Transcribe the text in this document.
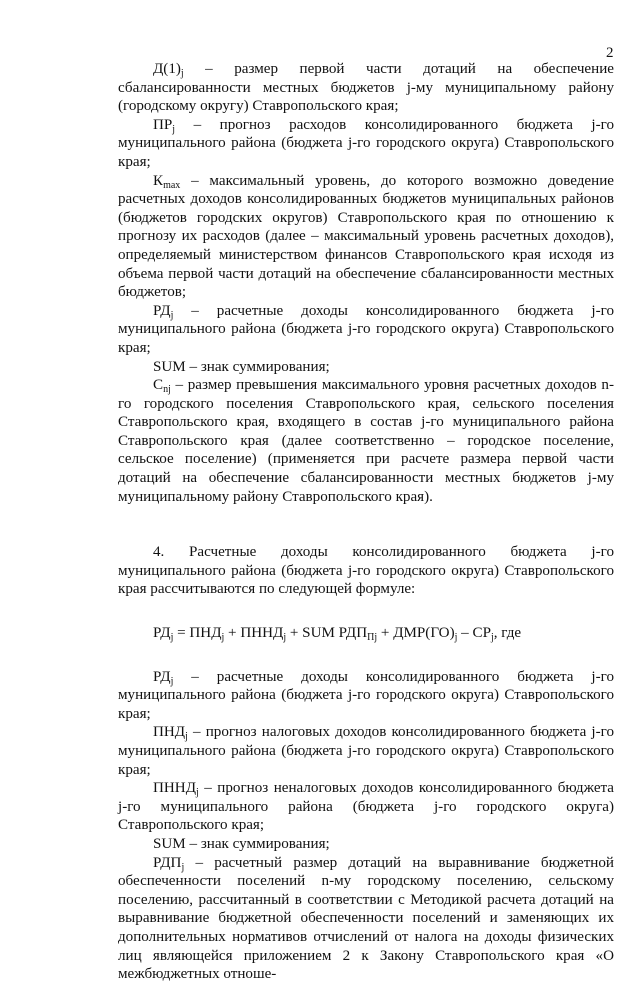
2

$Д(1)_j$ – размер первой части дотаций на обеспечение сбалансированности местных бюджетов j-му муниципальному району (городскому округу) Ставропольского края;

$ПР_j$ – прогноз расходов консолидированного бюджета j-го муниципального района (бюджета j-го городского округа) Ставропольского края;

$К_{max}$ – максимальный уровень, до которого возможно доведение расчетных доходов консолидированных бюджетов муниципальных районов (бюджетов городских округов) Ставропольского края по отношению к прогнозу их расходов (далее – максимальный уровень расчетных доходов), определяемый министерством финансов Ставропольского края исходя из объема первой части дотаций на обеспечение сбалансированности местных бюджетов;

$РД_j$ – расчетные доходы консолидированного бюджета j-го муниципального района (бюджета j-го городского округа) Ставропольского края;

SUM – знак суммирования;

$С_{nj}$ – размер превышения максимального уровня расчетных доходов n-го городского поселения Ставропольского края, сельского поселения Ставропольского края, входящего в состав j-го муниципального района Ставропольского края (далее соответственно – городское поселение, сельское поселение) (применяется при расчете размера первой части дотаций на обеспечение сбалансированности местных бюджетов j-му муниципальному району Ставропольского края).

4. Расчетные доходы консолидированного бюджета j-го муниципального района (бюджета j-го городского округа) Ставропольского края рассчитываются по следующей формуле:

$РД_j = ПНД_j$ + $ПННД_j$ + SUM $РДП_{Пj} + ДМР(ГО)_j - СР_j$, где

$РД_j$ – расчетные доходы консолидированного бюджета j-го муниципального района (бюджета j-го городского округа) Ставропольского края;

$ПНД_j$ – прогноз налоговых доходов консолидированного бюджета j-го муниципального района (бюджета j-го городского округа) Ставропольского края;

$ПННД_j$ – прогноз неналоговых доходов консолидированного бюджета j-го муниципального района (бюджета j-го городского округа) Ставропольского края;

SUM – знак суммирования;

$РДП_j$ – расчетный размер дотаций на выравнивание бюджетной обеспеченности поселений n-му городскому поселению, сельскому поселению, рассчитанный в соответствии с Методикой расчета дотаций на выравнивание бюджетной обеспеченности поселений и заменяющих их дополнительных нормативов отчислений от налога на доходы физических лиц являющейся приложением 2 к Закону Ставропольского края «О межбюджетных отноше-
